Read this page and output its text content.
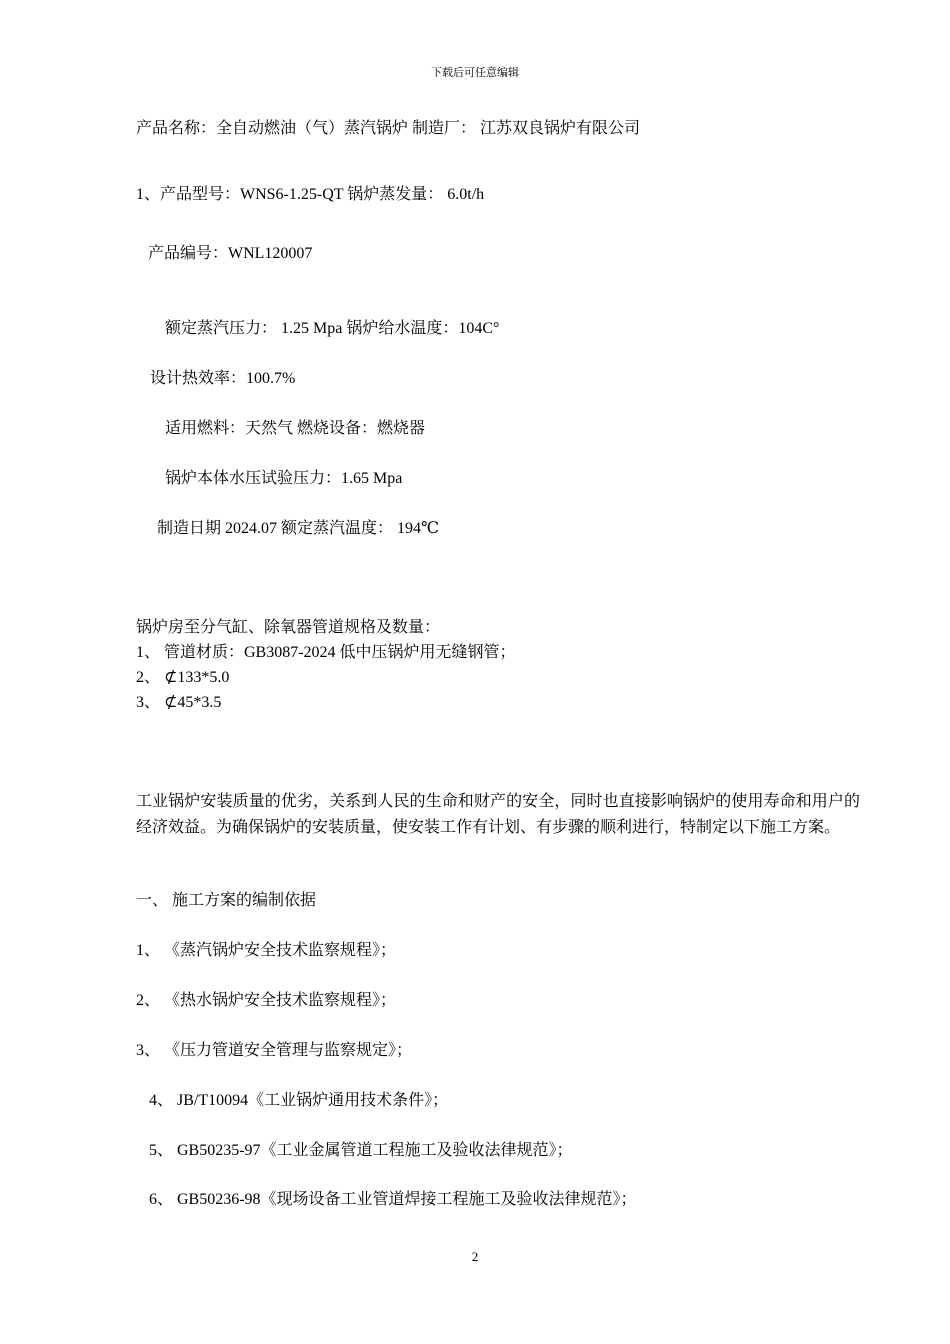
下载后可任意编辑
产品名称：全自动燃油（气）蒸汽锅炉 制造厂： 江苏双良锅炉有限公司
1、产品型号：WNS6-1.25-QT 锅炉蒸发量： 6.0t/h
产品编号：WNL120007
额定蒸汽压力： 1.25 Mpa 锅炉给水温度：104C°
设计热效率：100.7%
适用燃料：天然气 燃烧设备：燃烧器
锅炉本体水压试验压力：1.65 Mpa
制造日期 2024.07 额定蒸汽温度： 194℃
锅炉房至分气缸、除氧器管道规格及数量：
1、 管道材质：GB3087-2024 低中压锅炉用无缝钢管；
2、 ⊄133*5.0
3、 ⊄45*3.5
工业锅炉安装质量的优劣，关系到人民的生命和财产的安全，同时也直接影响锅炉的使用寿命和用户的经济效益。为确保锅炉的安装质量，使安装工作有计划、有步骤的顺利进行，特制定以下施工方案。
一、 施工方案的编制依据
1、 《蒸汽锅炉安全技术监察规程》；
2、 《热水锅炉安全技术监察规程》；
3、 《压力管道安全管理与监察规定》；
4、 JB/T10094《工业锅炉通用技术条件》；
5、 GB50235-97《工业金属管道工程施工及验收法律规范》；
6、 GB50236-98《现场设备工业管道焊接工程施工及验收法律规范》；
2
